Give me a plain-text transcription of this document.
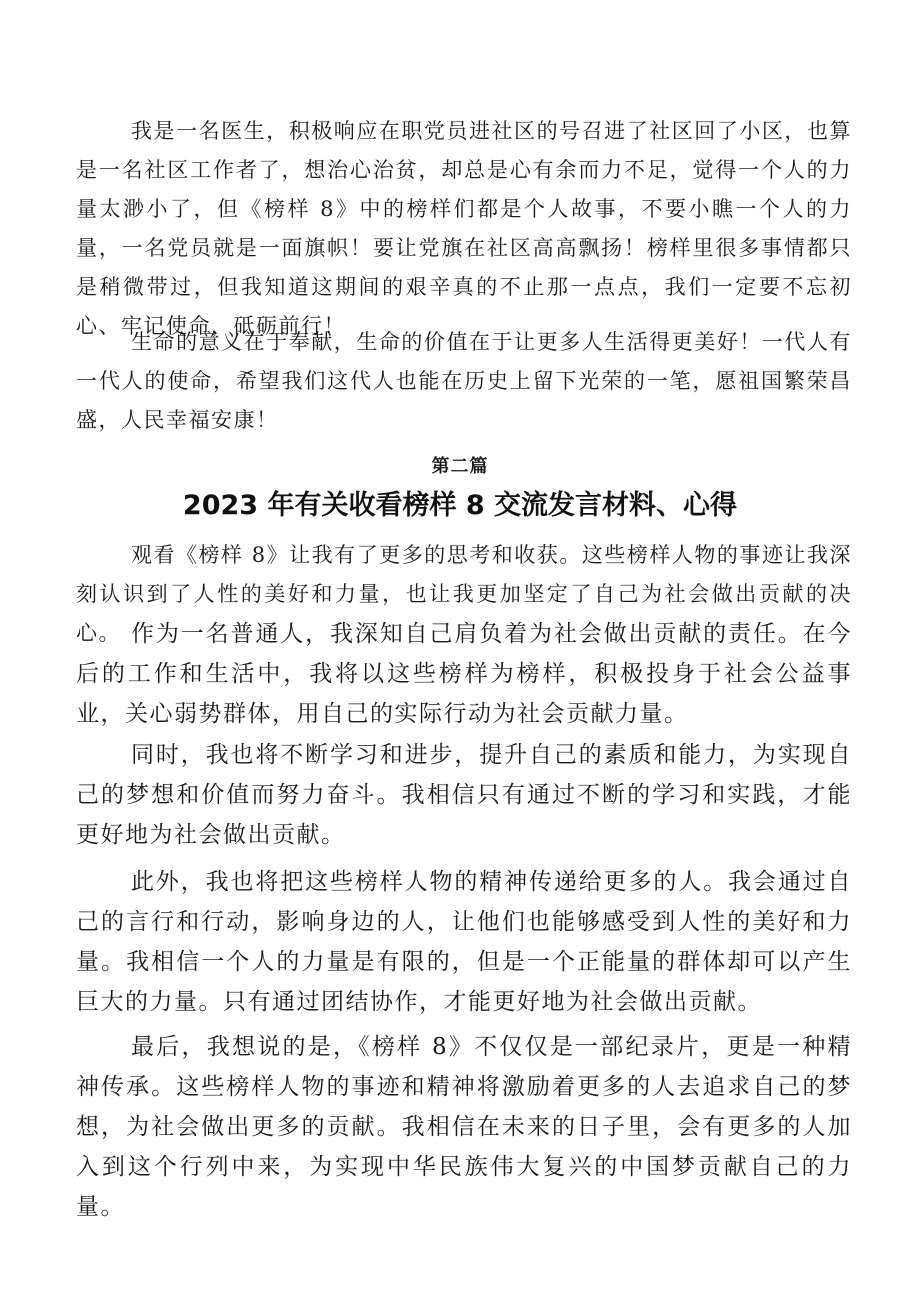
我是一名医生，积极响应在职党员进社区的号召进了社区回了小区，也算是一名社区工作者了，想治心治贫，却总是心有余而力不足，觉得一个人的力量太渺小了，但《榜样 8》中的榜样们都是个人故事，不要小瞧一个人的力量，一名党员就是一面旗帜！要让党旗在社区高高飘扬！榜样里很多事情都只是稍微带过，但我知道这期间的艰辛真的不止那一点点，我们一定要不忘初心、牢记使命，砥砺前行！

生命的意义在于奉献，生命的价值在于让更多人生活得更美好！一代人有一代人的使命，希望我们这代人也能在历史上留下光荣的一笔，愿祖国繁荣昌盛，人民幸福安康！

第二篇

2023 年有关收看榜样 8 交流发言材料、心得

观看《榜样 8》让我有了更多的思考和收获。这些榜样人物的事迹让我深刻认识到了人性的美好和力量，也让我更加坚定了自己为社会做出贡献的决心。 作为一名普通人，我深知自己肩负着为社会做出贡献的责任。在今后的工作和生活中，我将以这些榜样为榜样，积极投身于社会公益事业，关心弱势群体，用自己的实际行动为社会贡献力量。

同时，我也将不断学习和进步，提升自己的素质和能力，为实现自己的梦想和价值而努力奋斗。我相信只有通过不断的学习和实践，才能更好地为社会做出贡献。

此外，我也将把这些榜样人物的精神传递给更多的人。我会通过自己的言行和行动，影响身边的人，让他们也能够感受到人性的美好和力量。我相信一个人的力量是有限的，但是一个正能量的群体却可以产生巨大的力量。只有通过团结协作，才能更好地为社会做出贡献。

最后，我想说的是，《榜样 8》不仅仅是一部纪录片，更是一种精神传承。这些榜样人物的事迹和精神将激励着更多的人去追求自己的梦想，为社会做出更多的贡献。我相信在未来的日子里，会有更多的人加入到这个行列中来，为实现中华民族伟大复兴的中国梦贡献自己的力量。
